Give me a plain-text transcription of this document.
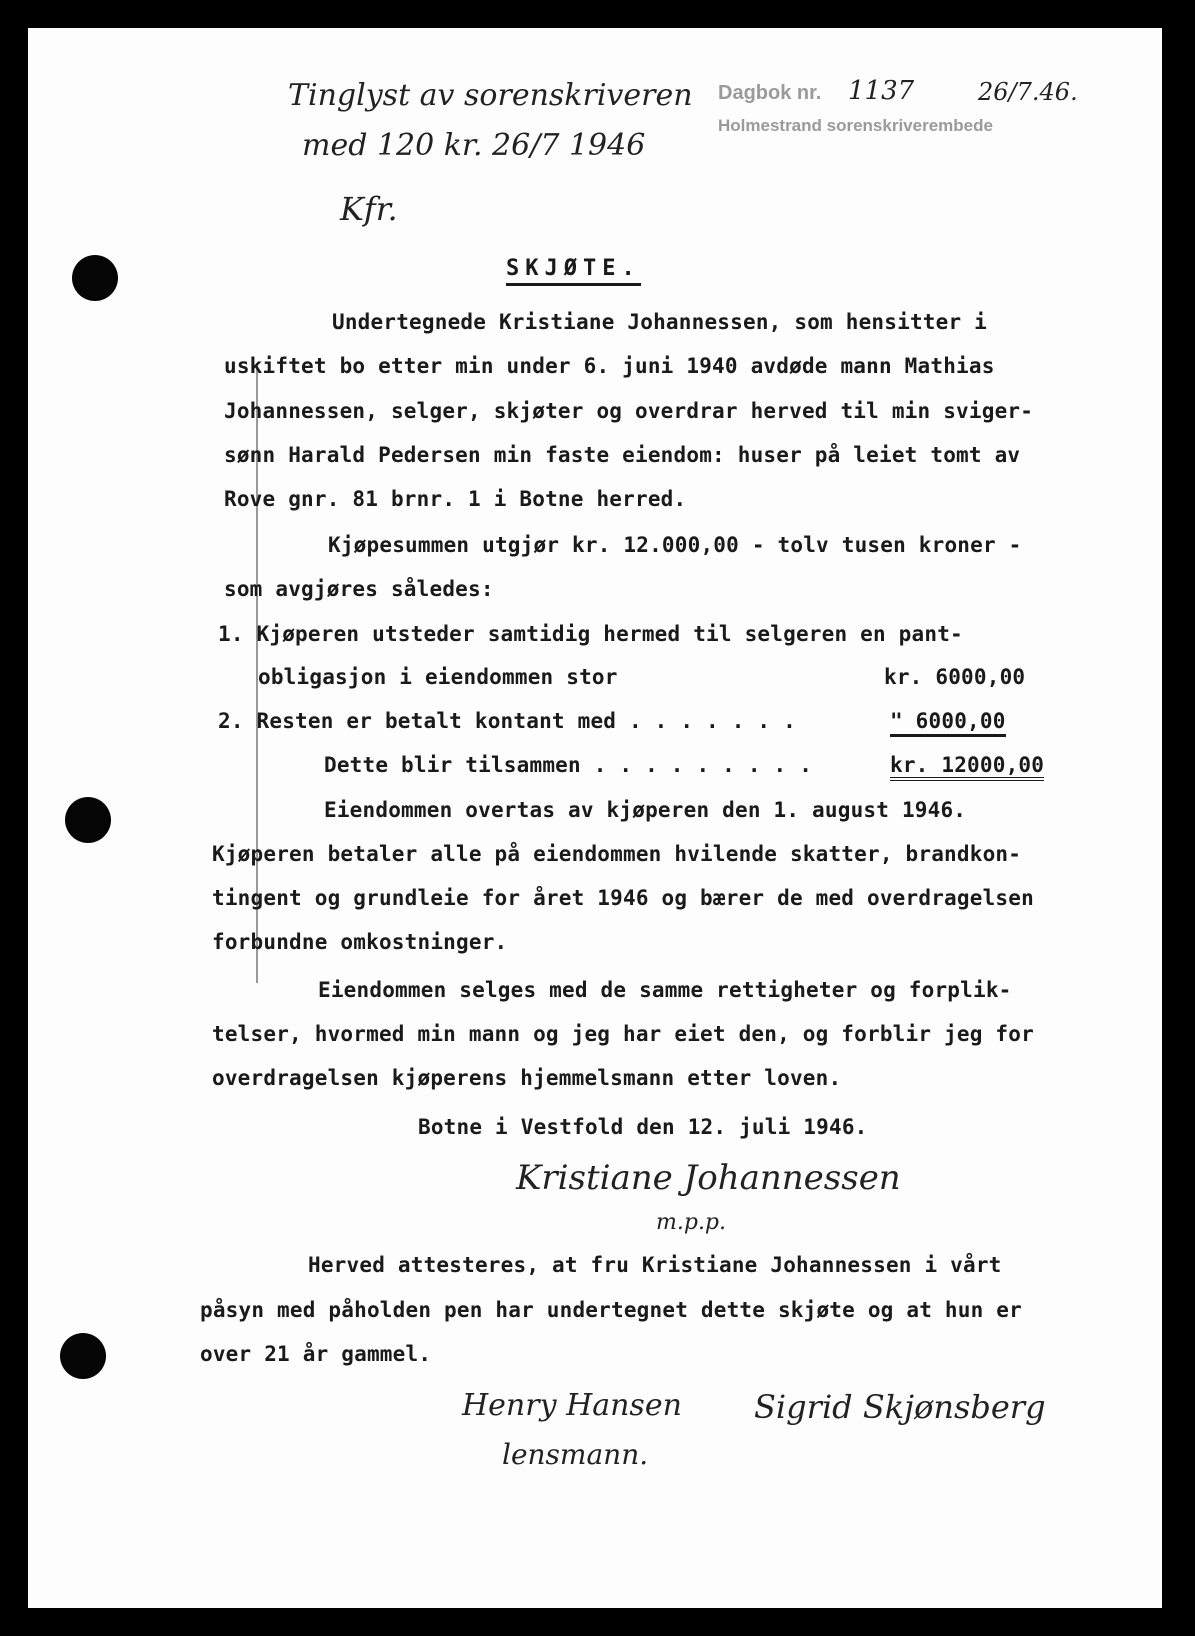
Tinglyst av sorenskriveren
med 120 kr. 26/7 1946
Kfr.
Dagbok nr. 1137	26/7.46.
Holmestrand sorenskriverembede
SKJØTE.
Undertegnede Kristiane Johannessen, som hensitter i
uskiftet bo etter min under 6. juni 1940 avdøde mann Mathias
Johannessen, selger, skjøter og overdrar herved til min sviger-
sønn Harald Pedersen min faste eiendom: huser på leiet tomt av
Rove gnr. 81 brnr. 1 i Botne herred.
Kjøpesummen utgjør kr. 12.000,00 - tolv tusen kroner -
som avgjøres således:
1. Kjøperen utsteder samtidig hermed til selgeren en pant-
obligasjon i eiendommen stor	kr. 6000,00
2. Resten er betalt kontant med . . . . . . .	" 6000,00
Dette blir tilsammen . . . . . . . . .	kr. 12000,00
Eiendommen overtas av kjøperen den 1. august 1946.
Kjøperen betaler alle på eiendommen hvilende skatter, brandkon-
tingent og grundleie for året 1946 og bærer de med overdragelsen
forbundne omkostninger.
Eiendommen selges med de samme rettigheter og forplik-
telser, hvormed min mann og jeg har eiet den, og forblir jeg for
overdragelsen kjøperens hjemmelsmann etter loven.
Botne i Vestfold den 12. juli 1946.
Kristiane Johannessen
m.p.p.
Herved attesteres, at fru Kristiane Johannessen i vårt
påsyn med påholden pen har undertegnet dette skjøte og at hun er
over 21 år gammel.
Henry Hansen
lensmann.
Sigrid Skjønsberg
